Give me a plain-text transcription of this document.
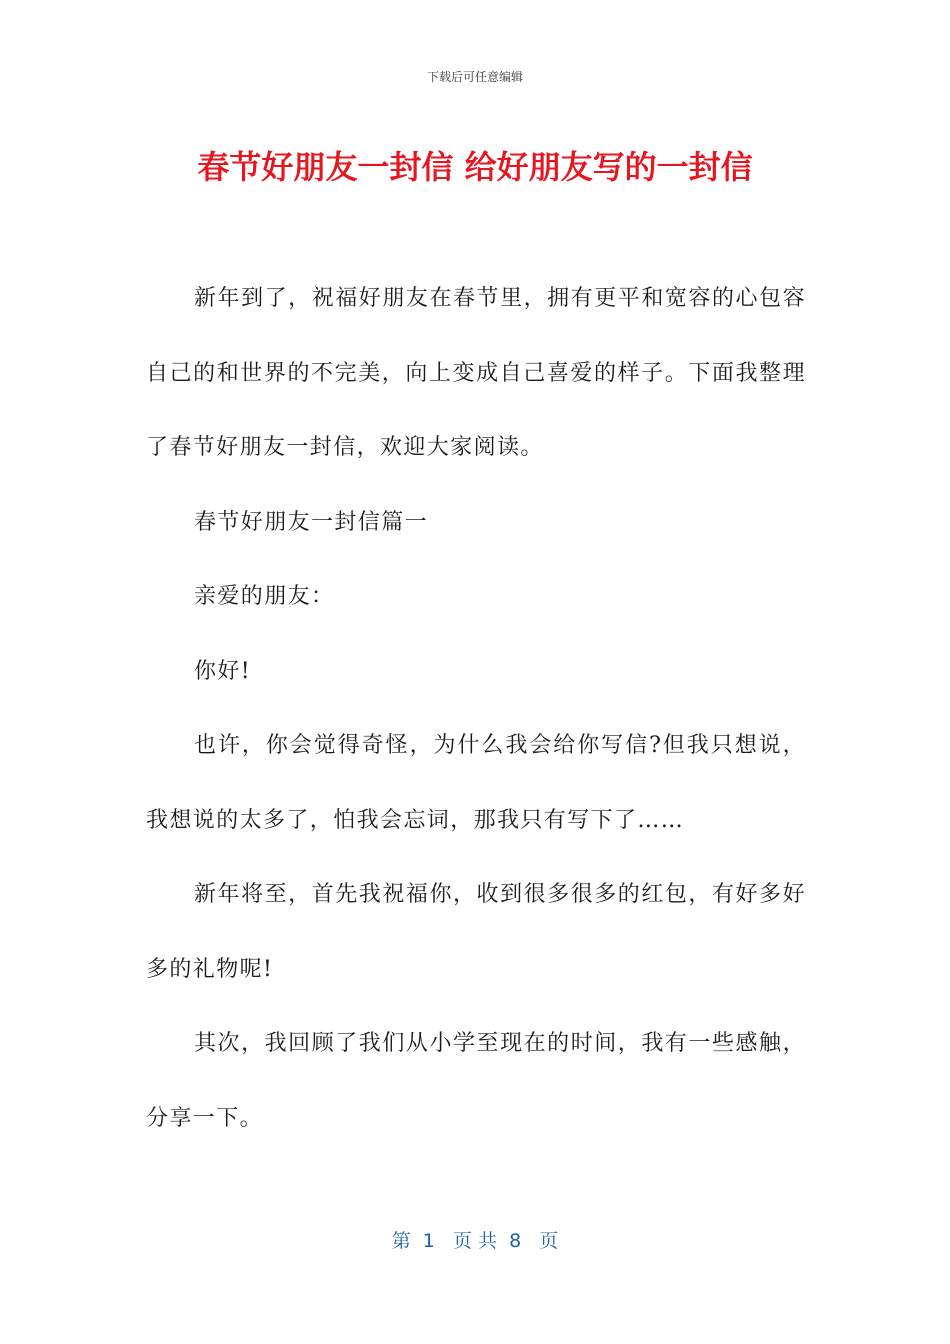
下载后可任意编辑
春节好朋友一封信 给好朋友写的一封信

新年到了，祝福好朋友在春节里，拥有更平和宽容的心包容自己的和世界的不完美，向上变成自己喜爱的样子。下面我整理了春节好朋友一封信，欢迎大家阅读。

春节好朋友一封信篇一

亲爱的朋友：

你好!

也许，你会觉得奇怪，为什么我会给你写信?但我只想说，我想说的太多了，怕我会忘词，那我只有写下了……

新年将至，首先我祝福你，收到很多很多的红包，有好多好多的礼物呢!

其次，我回顾了我们从小学至现在的时间，我有一些感触，分享一下。

第  1   页 共  8   页
